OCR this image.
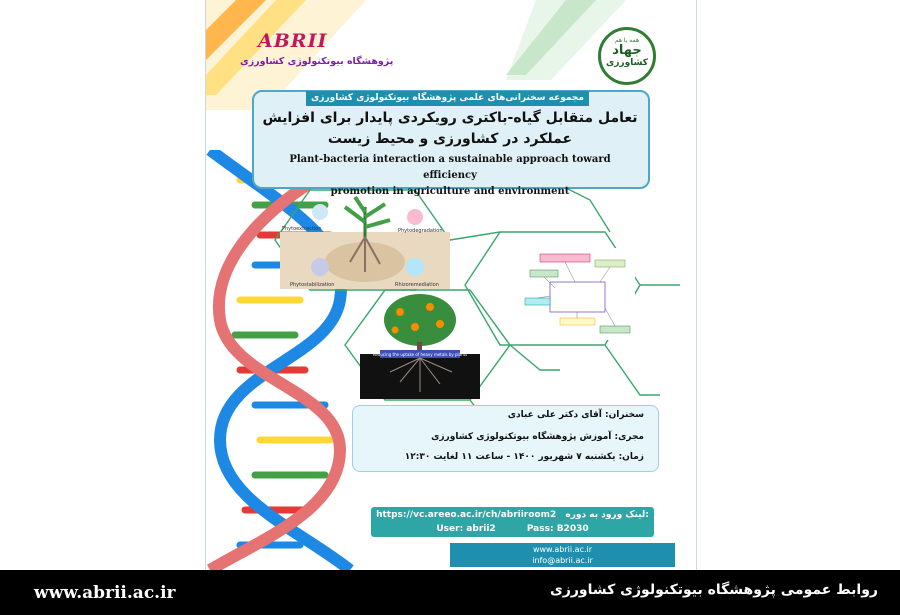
Phytoextraction	Phytodegradation
Phytostabilization	Rhizoremediation
Reducing the uptake of heavy metals by plants
ABRII
پژوهشگاه بیوتکنولوژی کشاورزی
همه با هم
جهاد
کشاورزی
مجموعه سخنرانی‌های علمی پژوهشگاه بیوتکنولوژی کشاورزی
تعامل متقابل گیاه-باکتری رویکردی پایدار برای افزایش
عملکرد در کشاورزی و محیط زیست
Plant-bacteria interaction a sustainable approach toward efficiency
promotion in agriculture and environment
سخنران: آقای دکتر علی عبادی
مجری: آموزش پژوهشگاه بیوتکنولوژی کشاورزی
زمان: یکشنبه ۷ شهریور ۱۴۰۰ - ساعت ۱۱ لغایت ۱۲:۳۰
https://vc.areeo.ac.ir/ch/abriiroom2 لینک ورود به دوره:
User: abrii2	Pass: B2030
www.abrii.ac.ir
info@abrii.ac.ir
www.abrii.ac.ir	روابط عمومی پژوهشگاه بیوتکنولوژی کشاورزی
